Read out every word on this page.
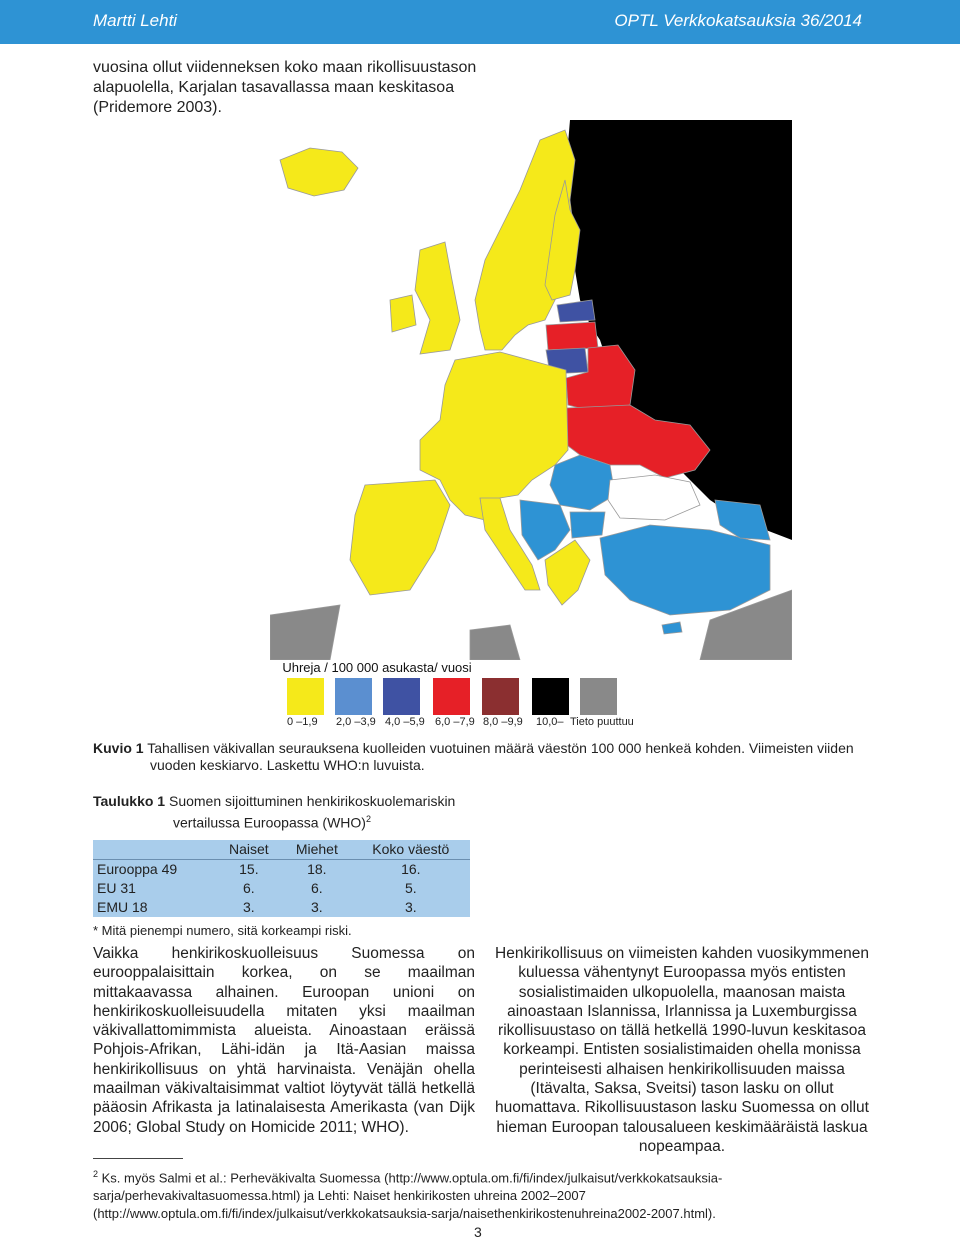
Martti Lehti	OPTL Verkkokatsauksia 36/2014

vuosina ollut viidenneksen koko maan rikollisuustason alapuolella, Karjalan tasavallassa maan keskitasoa (Pridemore 2003).

Uhreja / 100 000 asukasta/ vuosi
0 –1,9 2,0 –3,9 4,0 –5,9 6,0 –7,9 8,0 –9,9 10,0– Tieto puuttuu

Kuvio 1 Tahallisen väkivallan seurauksena kuolleiden vuotuinen määrä väestön 100 000 henkeä kohden. Viimeisten viiden
vuoden keskiarvo. Laskettu WHO:n luvuista.

Taulukko 1 Suomen sijoittuminen henkirikoskuolemariskin
vertailussa Euroopassa (WHO)$^2$
	Naiset	Miehet	Koko väestö
Eurooppa 49	15.	18.	16.
EU 31	6.	6.	5.
EMU 18	3.	3.	3.
* Mitä pienempi numero, sitä korkeampi riski.

Vaikka henkirikoskuolleisuus Suomessa on eurooppalaisittain korkea, on se maailman mittakaavassa alhainen. Euroopan unioni on henkirikoskuolleisuudella mitaten yksi maailman väkivallattomimmista alueista. Ainoastaan eräissä Pohjois-Afrikan, Lähi-idän ja Itä-Aasian maissa henkirikollisuus on yhtä harvinaista. Venäjän ohella maailman väkivaltaisimmat valtiot löytyvät tällä hetkellä pääosin Afrikasta ja latinalaisesta Amerikasta (van Dijk 2006; Global Study on Homicide 2011; WHO).

Henkirikollisuus on viimeisten kahden vuosikymmenen kuluessa vähentynyt Euroopassa myös entisten sosialistimaiden ulkopuolella, maanosan maista ainoastaan Islannissa, Irlannissa ja Luxemburgissa rikollisuustaso on tällä hetkellä 1990-luvun keskitasoa korkeampi. Entisten sosialistimaiden ohella monissa perinteisesti alhaisen henkirikollisuuden maissa (Itävalta, Saksa, Sveitsi) tason lasku on ollut huomattava. Rikollisuustason lasku Suomessa on ollut hieman Euroopan talousalueen keskimääräistä laskua nopeampaa.

$^2$ Ks. myös Salmi et al.: Perheväkivalta Suomessa (http://www.optula.om.fi/fi/index/julkaisut/verkkokatsauksia-sarja/perhevakivaltasuomessa.html) ja Lehti: Naiset henkirikosten uhreina 2002–2007 (http://www.optula.om.fi/fi/index/julkaisut/verkkokatsauksia-sarja/naisethenkirikostenuhreina2002-2007.html).

3
